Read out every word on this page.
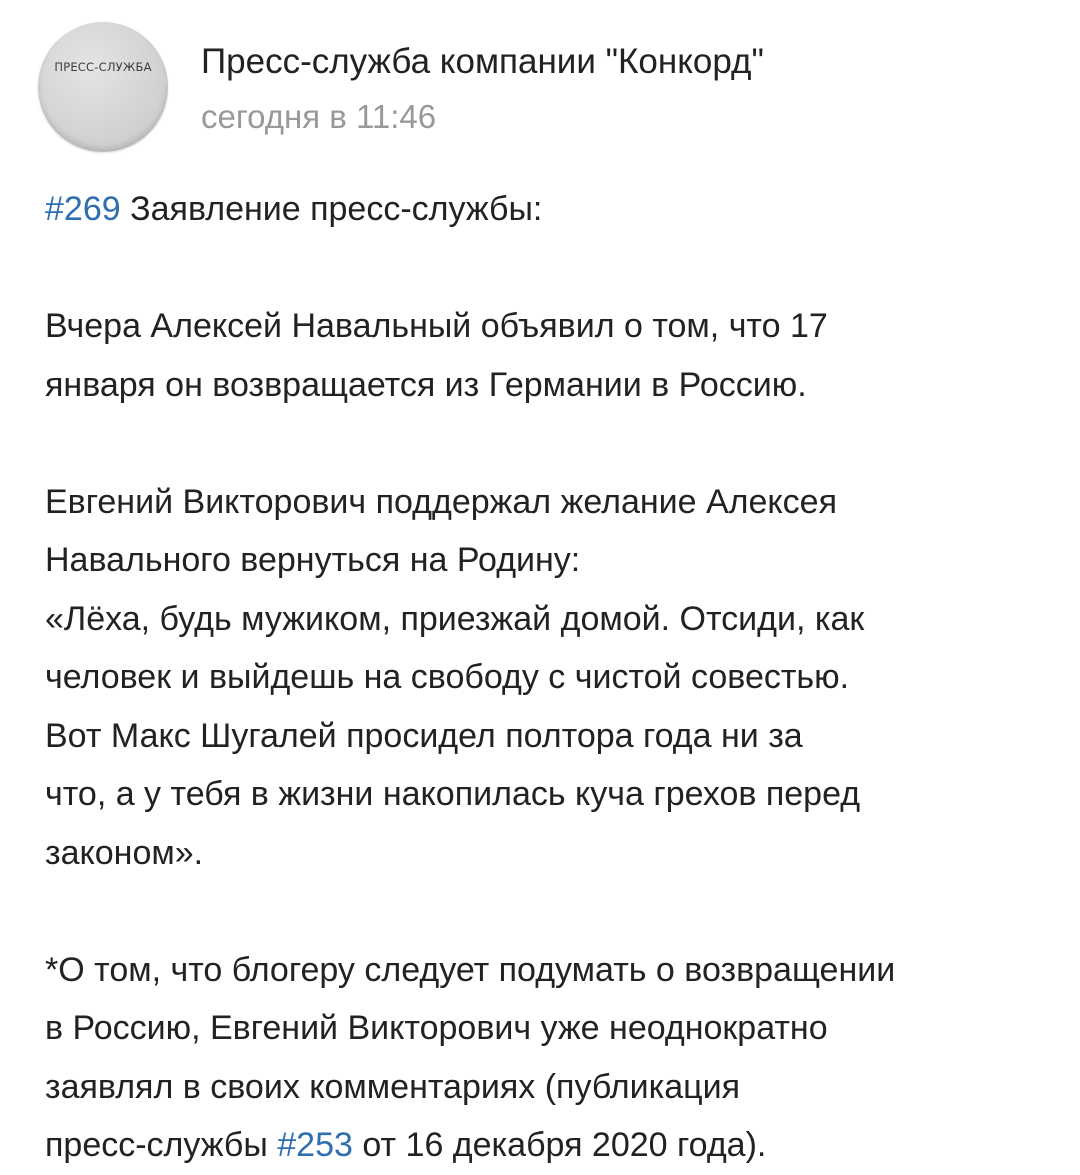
ПРЕСС-СЛУЖБА Пресс-служба компании "Конкорд"
сегодня в 11:46
#269 Заявление пресс-службы:
Вчера Алексей Навальный объявил о том, что 17
января он возвращается из Германии в Россию.
Евгений Викторович поддержал желание Алексея
Навального вернуться на Родину:
«Лёха, будь мужиком, приезжай домой. Отсиди, как
человек и выйдешь на свободу с чистой совестью.
Вот Макс Шугалей просидел полтора года ни за
что, а у тебя в жизни накопилась куча грехов перед
законом».
*О том, что блогеру следует подумать о возвращении
в Россию, Евгений Викторович уже неоднократно
заявлял в своих комментариях (публикация
пресс-службы #253 от 16 декабря 2020 года).
